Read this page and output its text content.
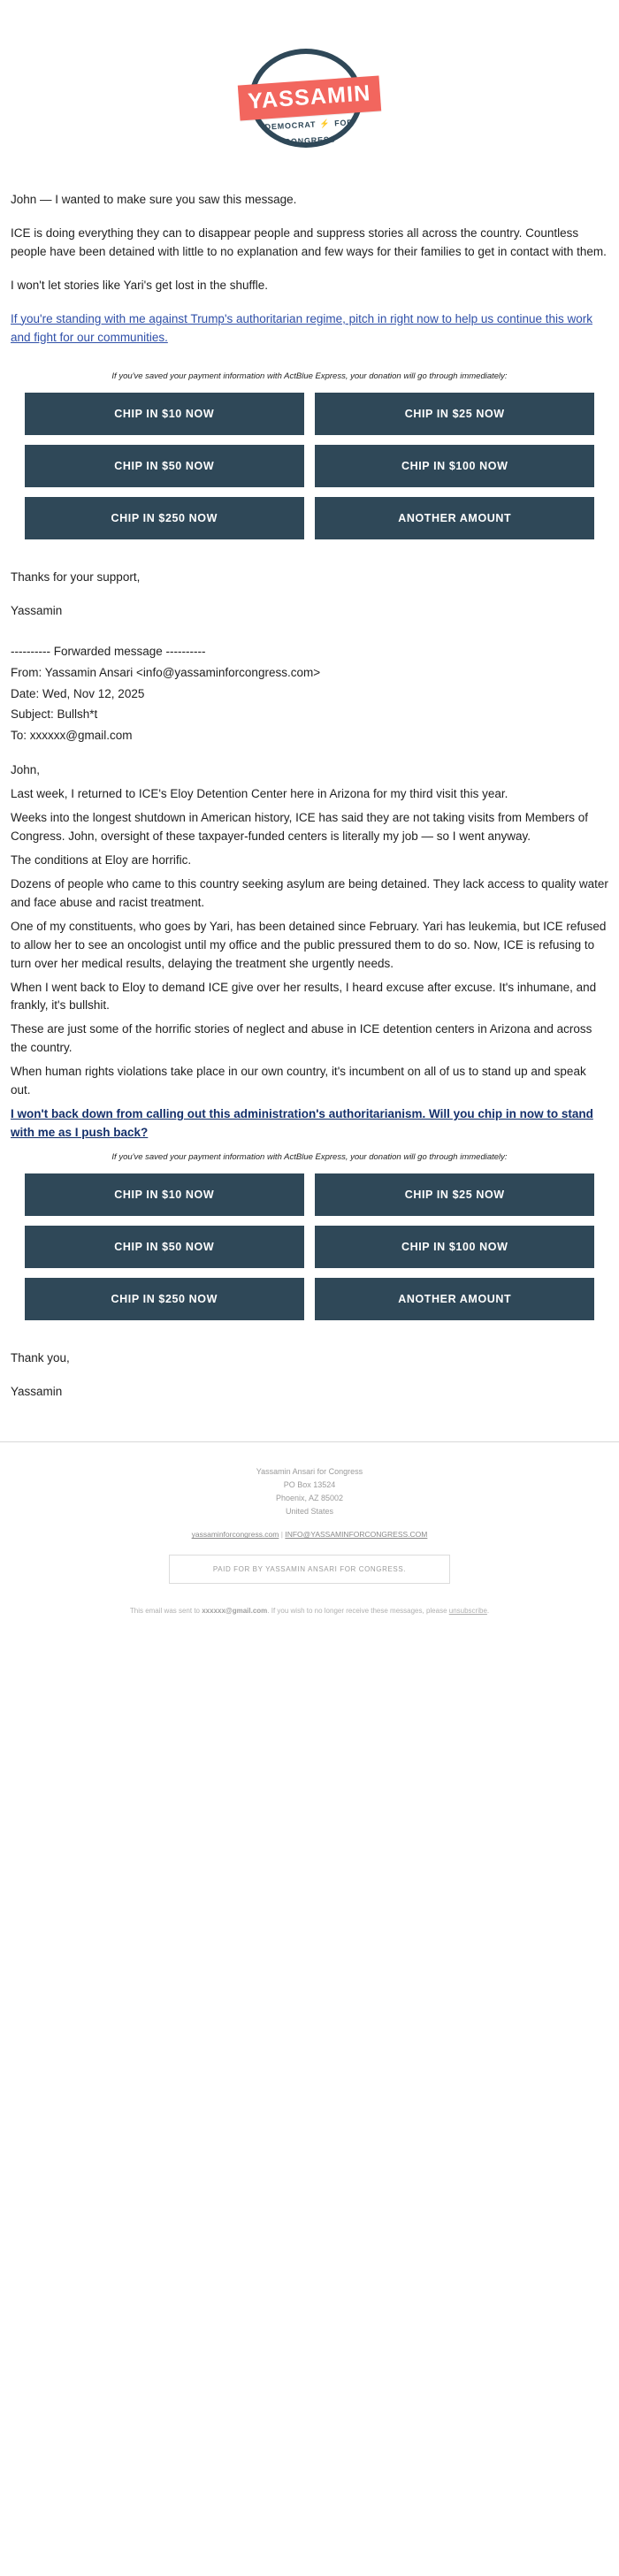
YASSAMIN
DEMOCRAT ⚡ FOR CONGRESS

John — I wanted to make sure you saw this message.

ICE is doing everything they can to disappear people and suppress stories all across the country. Countless people have been detained with little to no explanation and few ways for their families to get in contact with them.

I won't let stories like Yari's get lost in the shuffle.

If you're standing with me against Trump's authoritarian regime, pitch in right now to help us continue this work and fight for our communities.

If you've saved your payment information with ActBlue Express, your donation will go through immediately:

CHIP IN $10 NOW	CHIP IN $25 NOW
CHIP IN $50 NOW	CHIP IN $100 NOW
CHIP IN $250 NOW	ANOTHER AMOUNT

Thanks for your support,

Yassamin

---------- Forwarded message ----------

From: Yassamin Ansari <info@yassaminforcongress.com>

Date: Wed, Nov 12, 2025

Subject: Bullsh*t

To: xxxxxx@gmail.com

John,

Last week, I returned to ICE's Eloy Detention Center here in Arizona for my third visit this year.

Weeks into the longest shutdown in American history, ICE has said they are not taking visits from Members of Congress. John, oversight of these taxpayer-funded centers is literally my job — so I went anyway.

The conditions at Eloy are horrific.

Dozens of people who came to this country seeking asylum are being detained. They lack access to quality water and face abuse and racist treatment.

One of my constituents, who goes by Yari, has been detained since February. Yari has leukemia, but ICE refused to allow her to see an oncologist until my office and the public pressured them to do so. Now, ICE is refusing to turn over her medical results, delaying the treatment she urgently needs.

When I went back to Eloy to demand ICE give over her results, I heard excuse after excuse. It's inhumane, and frankly, it's bullshit.

These are just some of the horrific stories of neglect and abuse in ICE detention centers in Arizona and across the country.

When human rights violations take place in our own country, it's incumbent on all of us to stand up and speak out.

I won't back down from calling out this administration's authoritarianism. Will you chip in now to stand with me as I push back?

If you've saved your payment information with ActBlue Express, your donation will go through immediately:

CHIP IN $10 NOW	CHIP IN $25 NOW
CHIP IN $50 NOW	CHIP IN $100 NOW
CHIP IN $250 NOW	ANOTHER AMOUNT

Thank you,

Yassamin

Yassamin Ansari for Congress
PO Box 13524
Phoenix, AZ 85002
United States
yassaminforcongress.com | INFO@YASSAMINFORCONGRESS.COM
PAID FOR BY YASSAMIN ANSARI FOR CONGRESS.
This email was sent to xxxxxx@gmail.com. If you wish to no longer receive these messages, please unsubscribe.
